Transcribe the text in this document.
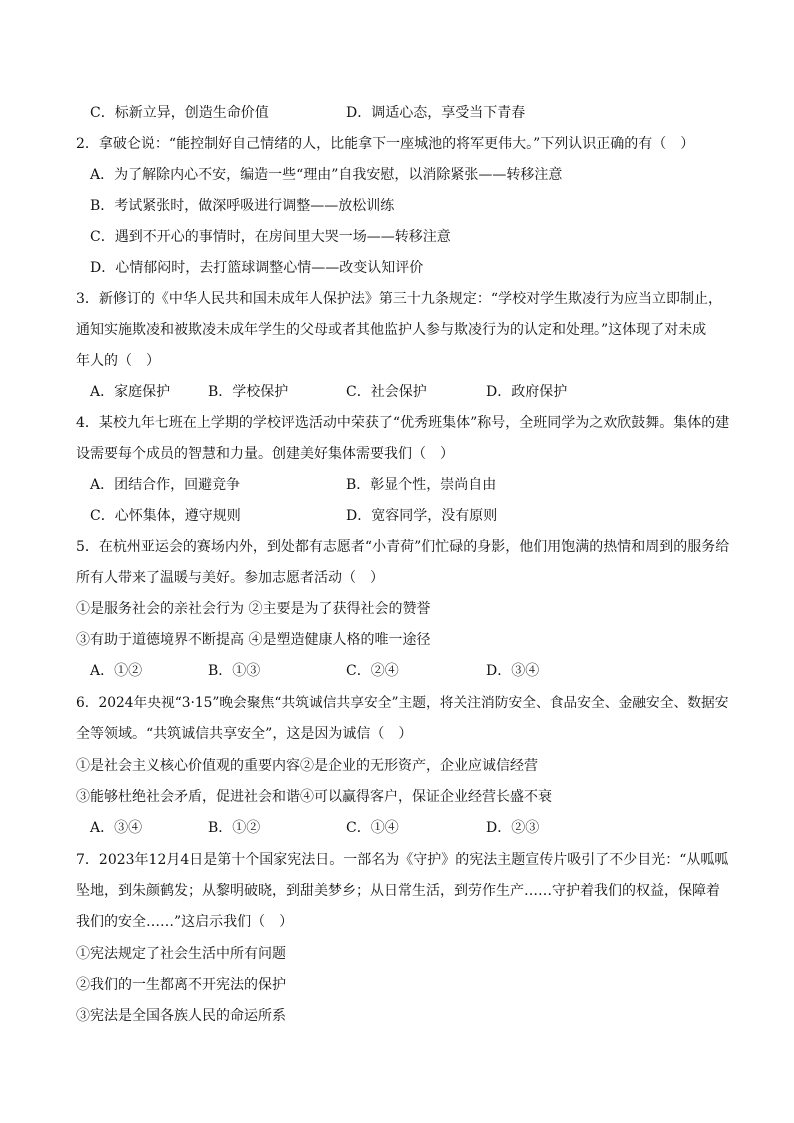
C．标新立异，创造生命价值	D．调适心态，享受当下青春
2．拿破仑说：“能控制好自己情绪的人，比能拿下一座城池的将军更伟大。”下列认识正确的有（　）
A．为了解除内心不安，编造一些“理由”自我安慰，以消除紧张——转移注意
B．考试紧张时，做深呼吸进行调整——放松训练
C．遇到不开心的事情时，在房间里大哭一场——转移注意
D．心情郁闷时，去打篮球调整心情——改变认知评价
3．新修订的《中华人民共和国未成年人保护法》第三十九条规定：“学校对学生欺凌行为应当立即制止，
通知实施欺凌和被欺凌未成年学生的父母或者其他监护人参与欺凌行为的认定和处理。”这体现了对未成
年人的（　）
A．家庭保护	B．学校保护	C．社会保护	D．政府保护
4．某校九年七班在上学期的学校评选活动中荣获了“优秀班集体”称号，全班同学为之欢欣鼓舞。集体的建
设需要每个成员的智慧和力量。创建美好集体需要我们（　）
A．团结合作，回避竞争	B．彰显个性，崇尚自由
C．心怀集体，遵守规则	D．宽容同学，没有原则
5．在杭州亚运会的赛场内外，到处都有志愿者“小青荷”们忙碌的身影，他们用饱满的热情和周到的服务给
所有人带来了温暖与美好。参加志愿者活动（　）
①是服务社会的亲社会行为 ②主要是为了获得社会的赞誉
③有助于道德境界不断提高 ④是塑造健康人格的唯一途径
A．①②	B．①③	C．②④	D．③④
6．2024年央视“3·15”晚会聚焦“共筑诚信共享安全”主题，将关注消防安全、食品安全、金融安全、数据安
全等领域。“共筑诚信共享安全”，这是因为诚信（　）
①是社会主义核心价值观的重要内容②是企业的无形资产，企业应诚信经营
③能够杜绝社会矛盾，促进社会和谐④可以赢得客户，保证企业经营长盛不衰
A．③④	B．①②	C．①④	D．②③
7．2023年12月4日是第十个国家宪法日。一部名为《守护》的宪法主题宣传片吸引了不少目光：“从呱呱
坠地，到朱颜鹤发；从黎明破晓，到甜美梦乡；从日常生活，到劳作生产……守护着我们的权益，保障着
我们的安全……”这启示我们（　）
①宪法规定了社会生活中所有问题
②我们的一生都离不开宪法的保护
③宪法是全国各族人民的命运所系
